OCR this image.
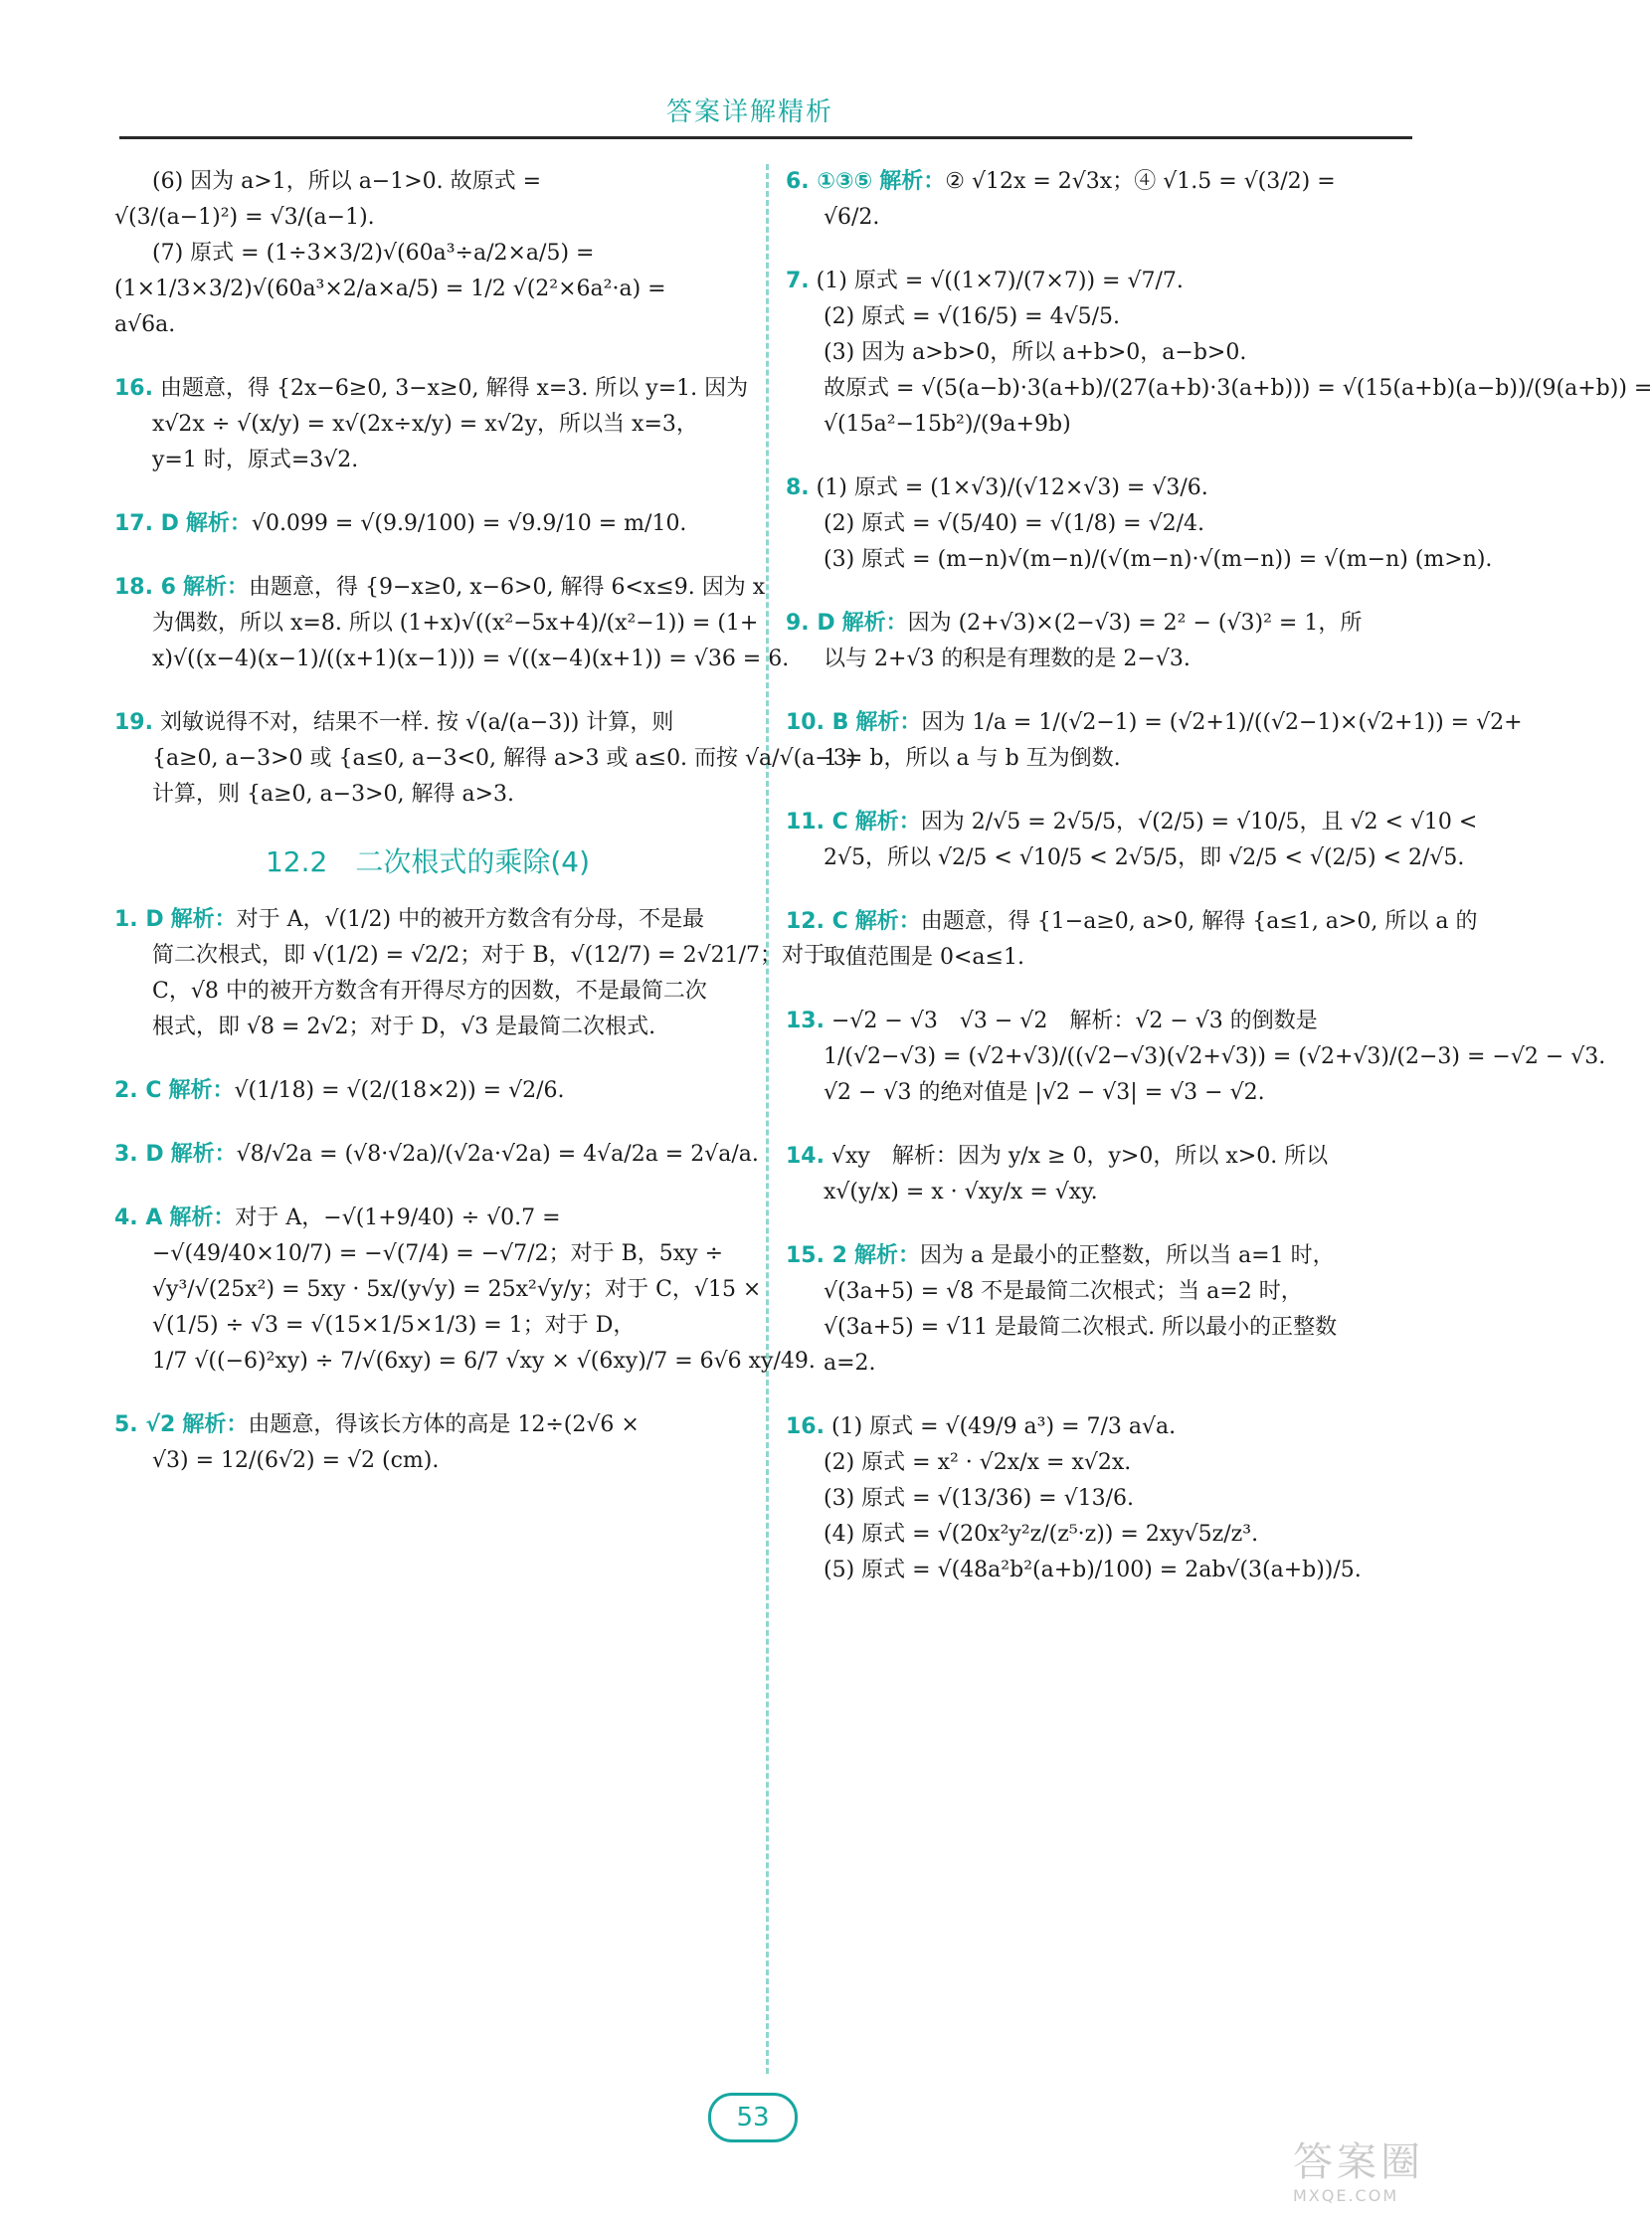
答案详解精析
(6) 因为 a>1，所以 a−1>0. 故原式 =
√(3/(a−1)²) = √3/(a−1).
(7) 原式 = (1÷3×3/2)√(60a³÷a/2×a/5) =
(1×1/3×3/2)√(60a³×2/a×a/5) = 1/2 √(2²×6a²·a) =
a√6a.
16. 由题意，得 {2x−6≥0, 3−x≥0, 解得 x=3. 所以 y=1. 因为
x√2x ÷ √(x/y) = x√(2x÷x/y) = x√2y，所以当 x=3，
y=1 时，原式=3√2.
17. D 解析：√0.099 = √(9.9/100) = √9.9/10 = m/10.
18. 6 解析：由题意，得 {9−x≥0, x−6>0, 解得 6<x≤9. 因为 x
为偶数，所以 x=8. 所以 (1+x)√((x²−5x+4)/(x²−1)) = (1+
x)√((x−4)(x−1)/((x+1)(x−1))) = √((x−4)(x+1)) = √36 = 6.
19. 刘敏说得不对，结果不一样. 按 √(a/(a−3)) 计算，则
{a≥0, a−3>0 或 {a≤0, a−3<0, 解得 a>3 或 a≤0. 而按 √a/√(a−3)
计算，则 {a≥0, a−3>0, 解得 a>3.
12.2　二次根式的乘除(4)
1. D 解析：对于 A，√(1/2) 中的被开方数含有分母，不是最
简二次根式，即 √(1/2) = √2/2；对于 B，√(12/7) = 2√21/7；对于
C，√8 中的被开方数含有开得尽方的因数，不是最简二次
根式，即 √8 = 2√2；对于 D，√3 是最简二次根式.
2. C 解析：√(1/18) = √(2/(18×2)) = √2/6.
3. D 解析：√8/√2a = (√8·√2a)/(√2a·√2a) = 4√a/2a = 2√a/a.
4. A 解析：对于 A，−√(1+9/40) ÷ √0.7 =
−√(49/40×10/7) = −√(7/4) = −√7/2；对于 B，5xy ÷
√y³/√(25x²) = 5xy · 5x/(y√y) = 25x²√y/y；对于 C，√15 ×
√(1/5) ÷ √3 = √(15×1/5×1/3) = 1；对于 D，
1/7 √((−6)²xy) ÷ 7/√(6xy) = 6/7 √xy × √(6xy)/7 = 6√6 xy/49.
5. √2 解析：由题意，得该长方体的高是 12÷(2√6 ×
√3) = 12/(6√2) = √2 (cm).
6. ①③⑤ 解析：② √12x = 2√3x；④ √1.5 = √(3/2) =
√6/2.
7. (1) 原式 = √((1×7)/(7×7)) = √7/7.
(2) 原式 = √(16/5) = 4√5/5.
(3) 因为 a>b>0，所以 a+b>0，a−b>0.
故原式 = √(5(a−b)·3(a+b)/(27(a+b)·3(a+b))) = √(15(a+b)(a−b))/(9(a+b)) =
√(15a²−15b²)/(9a+9b)
8. (1) 原式 = (1×√3)/(√12×√3) = √3/6.
(2) 原式 = √(5/40) = √(1/8) = √2/4.
(3) 原式 = (m−n)√(m−n)/(√(m−n)·√(m−n)) = √(m−n) (m>n).
9. D 解析：因为 (2+√3)×(2−√3) = 2² − (√3)² = 1，所
以与 2+√3 的积是有理数的是 2−√3.
10. B 解析：因为 1/a = 1/(√2−1) = (√2+1)/((√2−1)×(√2+1)) = √2+
1 = b，所以 a 与 b 互为倒数.
11. C 解析：因为 2/√5 = 2√5/5，√(2/5) = √10/5，且 √2 < √10 <
2√5，所以 √2/5 < √10/5 < 2√5/5，即 √2/5 < √(2/5) < 2/√5.
12. C 解析：由题意，得 {1−a≥0, a>0, 解得 {a≤1, a>0, 所以 a 的
取值范围是 0<a≤1.
13. −√2 − √3　√3 − √2　解析：√2 − √3 的倒数是
1/(√2−√3) = (√2+√3)/((√2−√3)(√2+√3)) = (√2+√3)/(2−3) = −√2 − √3.
√2 − √3 的绝对值是 |√2 − √3| = √3 − √2.
14. √xy　解析：因为 y/x ≥ 0，y>0，所以 x>0. 所以
x√(y/x) = x · √xy/x = √xy.
15. 2 解析：因为 a 是最小的正整数，所以当 a=1 时，
√(3a+5) = √8 不是最简二次根式；当 a=2 时，
√(3a+5) = √11 是最简二次根式. 所以最小的正整数
a=2.
16. (1) 原式 = √(49/9 a³) = 7/3 a√a.
(2) 原式 = x² · √2x/x = x√2x.
(3) 原式 = √(13/36) = √13/6.
(4) 原式 = √(20x²y²z/(z⁵·z)) = 2xy√5z/z³.
(5) 原式 = √(48a²b²(a+b)/100) = 2ab√(3(a+b))/5.
53
答案圈
MXQE.COM
